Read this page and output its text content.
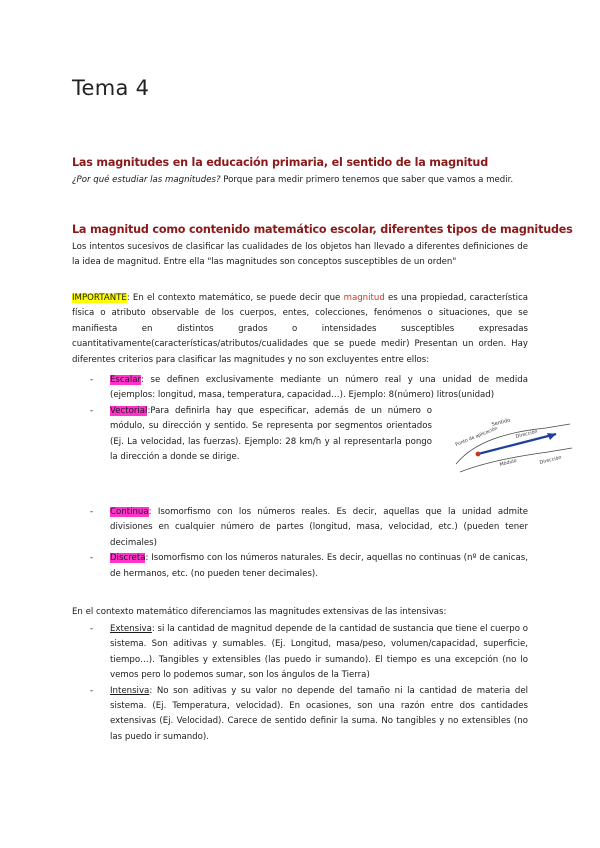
Tema 4
Las magnitudes en la educación primaria, el sentido de la magnitud
¿Por qué estudiar las magnitudes? Porque para medir primero tenemos que saber que vamos a medir.
La magnitud como contenido matemático escolar, diferentes tipos de magnitudes
Los intentos sucesivos de clasificar las cualidades de los objetos han llevado a diferentes definiciones de la idea de magnitud. Entre ella "las magnitudes son conceptos susceptibles de un orden"
IMPORTANTE: En el contexto matemático, se puede decir que magnitud es una propiedad, característica física o atributo observable de los cuerpos, entes, colecciones, fenómenos o situaciones, que se manifiesta en distintos grados o intensidades susceptibles expresadas cuantitativamente(características/atributos/cualidades que se puede medir) Presentan un orden. Hay diferentes criterios para clasificar las magnitudes y no son excluyentes entre ellos:
- Escalar: se definen exclusivamente mediante un número real y una unidad de medida (ejemplos: longitud, masa, temperatura, capacidad…). Ejemplo: 8(número) litros(unidad)
- Vectorial:Para definirla hay que especificar, además de un número o módulo, su dirección y sentido. Se representa por segmentos orientados (Ej. La velocidad, las fuerzas). Ejemplo: 28 km/h y al representarla pongo la dirección a donde se dirige.
Sentido
Punto de aplicación	Dirección
Módulo	Dirección
- Continua: Isomorfismo con los números reales. Es decir, aquellas que la unidad admite divisiones en cualquier número de partes (longitud, masa, velocidad, etc.) (pueden tener decimales)
- Discreta: Isomorfismo con los números naturales. Es decir, aquellas no continuas (nº de canicas, de hermanos, etc. (no pueden tener decimales).
En el contexto matemático diferenciamos las magnitudes extensivas de las intensivas:
- Extensiva: si la cantidad de magnitud depende de la cantidad de sustancia que tiene el cuerpo o sistema. Son aditivas y sumables. (Ej. Longitud, masa/peso, volumen/capacidad, superficie, tiempo…). Tangibles y extensibles (las puedo ir sumando). El tiempo es una excepción (no lo vemos pero lo podemos sumar, son los ángulos de la Tierra)
- Intensiva: No son aditivas y su valor no depende del tamaño ni la cantidad de materia del sistema. (Ej. Temperatura, velocidad). En ocasiones, son una razón entre dos cantidades extensivas (Ej. Velocidad). Carece de sentido definir la suma. No tangibles y no extensibles (no las puedo ir sumando).
